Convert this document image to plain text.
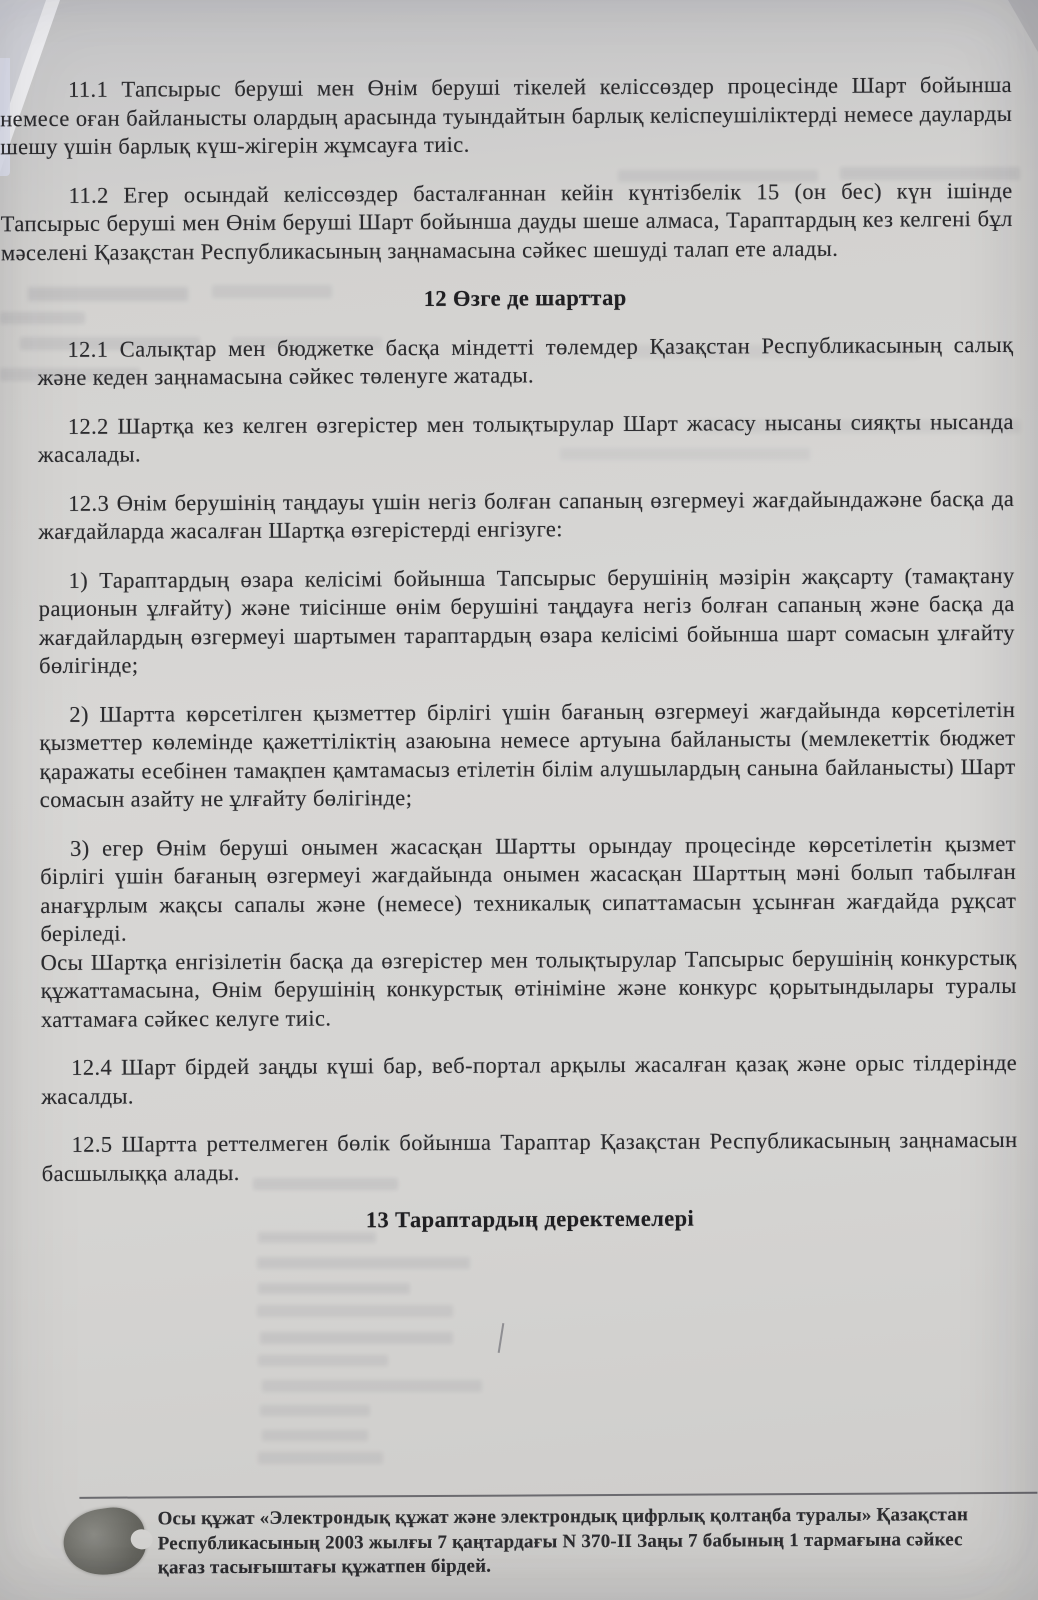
11.1 Тапсырыс беруші мен Өнім беруші тікелей келіссөздер процесінде Шарт бойынша немесе оған байланысты олардың арасында туындайтын барлық келіспеушіліктерді немесе дауларды шешу үшін барлық күш-жігерін жұмсауға тиіс.

11.2 Егер осындай келіссөздер басталғаннан кейін күнтізбелік 15 (он бес) күн ішінде Тапсырыс беруші мен Өнім беруші Шарт бойынша дауды шеше алмаса, Тараптардың кез келгені бұл мәселені Қазақстан Республикасының заңнамасына сәйкес шешуді талап ете алады.

12 Өзге де шарттар

12.1 Салықтар мен бюджетке басқа міндетті төлемдер Қазақстан Республикасының салық және кеден заңнамасына сәйкес төленуге жатады.

12.2 Шартқа кез келген өзгерістер мен толықтырулар Шарт жасасу нысаны сияқты нысанда жасалады.

12.3 Өнім берушінің таңдауы үшін негіз болған сапаның өзгермеуі жағдайындажәне басқа да жағдайларда жасалған Шартқа өзгерістерді енгізуге:

1) Тараптардың өзара келісімі бойынша Тапсырыс берушінің мәзірін жақсарту (тамақтану рационын ұлғайту) және тиісінше өнім берушіні таңдауға негіз болған сапаның және басқа да жағдайлардың өзгермеуі шартымен тараптардың өзара келісімі бойынша шарт сомасын ұлғайту бөлігінде;

2) Шартта көрсетілген қызметтер бірлігі үшін бағаның өзгермеуі жағдайында көрсетілетін қызметтер көлемінде қажеттіліктің азаюына немесе артуына байланысты (мемлекеттік бюджет қаражаты есебінен тамақпен қамтамасыз етілетін білім алушылардың санына байланысты) Шарт сомасын азайту не ұлғайту бөлігінде;

3) егер Өнім беруші онымен жасасқан Шартты орындау процесінде көрсетілетін қызмет бірлігі үшін бағаның өзгермеуі жағдайында онымен жасасқан Шарттың мәні болып табылған анағұрлым жақсы сапалы және (немесе) техникалық сипаттамасын ұсынған жағдайда рұқсат беріледі.

Осы Шартқа енгізілетін басқа да өзгерістер мен толықтырулар Тапсырыс берушінің конкурстық құжаттамасына, Өнім берушінің конкурстық өтініміне және конкурс қорытындылары туралы хаттамаға сәйкес келуге тиіс.

12.4 Шарт бірдей заңды күші бар, веб-портал арқылы жасалған қазақ және орыс тілдерінде жасалды.

12.5 Шартта реттелмеген бөлік бойынша Тараптар Қазақстан Республикасының заңнамасын басшылыққа алады.

13 Тараптардың деректемелері

Осы құжат «Электрондық құжат және электрондық цифрлық қолтаңба туралы» Қазақстан Республикасының 2003 жылғы 7 қаңтардағы N 370-II Заңы 7 бабының 1 тармағына сәйкес қағаз тасығыштағы құжатпен бірдей.
